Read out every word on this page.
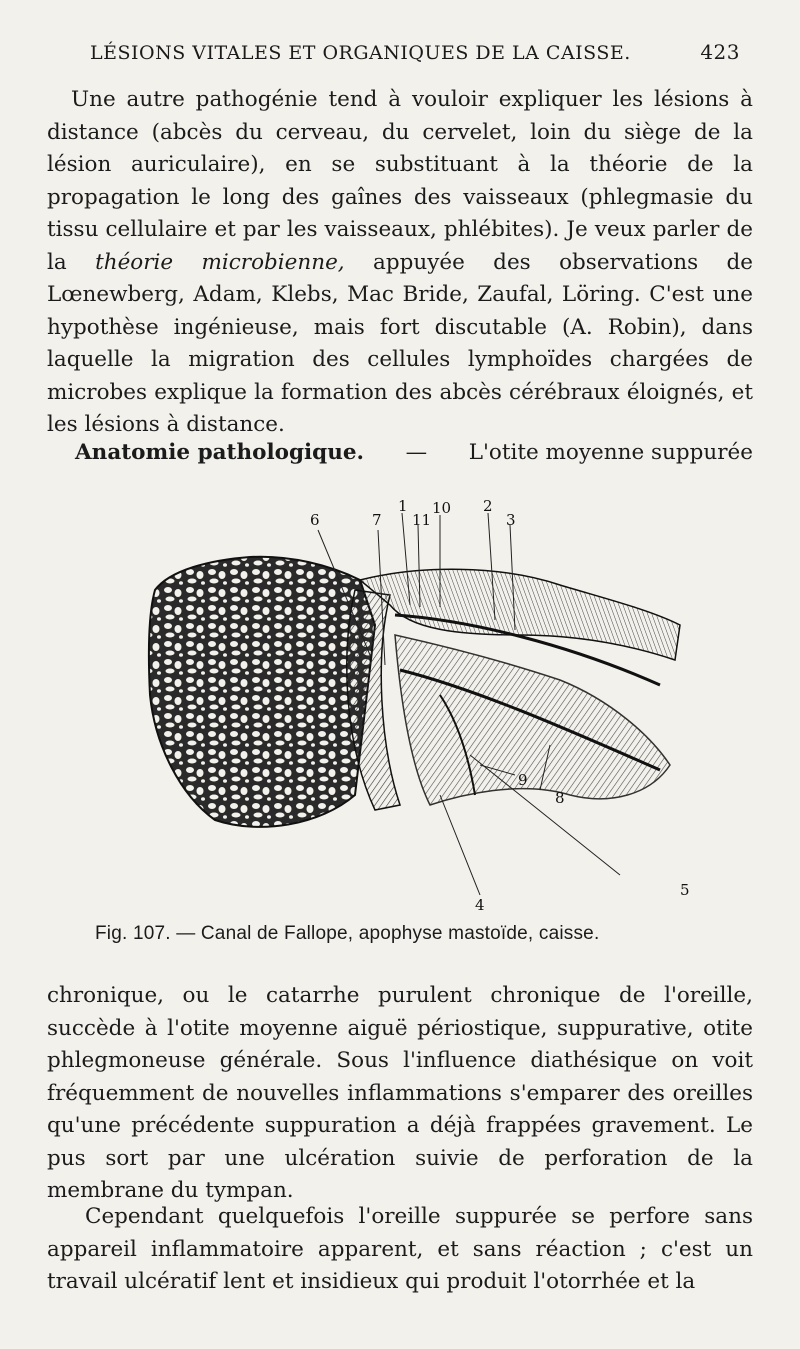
LÉSIONS VITALES ET ORGANIQUES DE LA CAISSE.	423

Une autre pathogénie tend à vouloir expliquer les lésions à distance (abcès du cerveau, du cervelet, loin du siège de la lésion auriculaire), en se substituant à la théorie de la propagation le long des gaînes des vaisseaux (phlegmasie du tissu cellulaire et par les vaisseaux, phlébites). Je veux parler de la théorie microbienne, appuyée des observations de Lœnewberg, Adam, Klebs, Mac Bride, Zaufal, Löring. C'est une hypothèse ingénieuse, mais fort discutable (A. Robin), dans laquelle la migration des cellules lymphoïdes chargées de microbes explique la formation des abcès cérébraux éloignés, et les lésions à distance.

Anatomie pathologique. — L'otite moyenne suppurée
6	7
1
11
10 2
3
9
8
5
4
Fig. 107. — Canal de Fallope, apophyse mastoïde, caisse.

chronique, ou le catarrhe purulent chronique de l'oreille, succède à l'otite moyenne aiguë périostique, suppurative, otite phlegmoneuse générale. Sous l'influence diathésique on voit fréquemment de nouvelles inflammations s'emparer des oreilles qu'une précédente suppuration a déjà frappées gravement. Le pus sort par une ulcération suivie de perforation de la membrane du tympan.

Cependant quelquefois l'oreille suppurée se perfore sans appareil inflammatoire apparent, et sans réaction ; c'est un travail ulcératif lent et insidieux qui produit l'otorrhée et la
